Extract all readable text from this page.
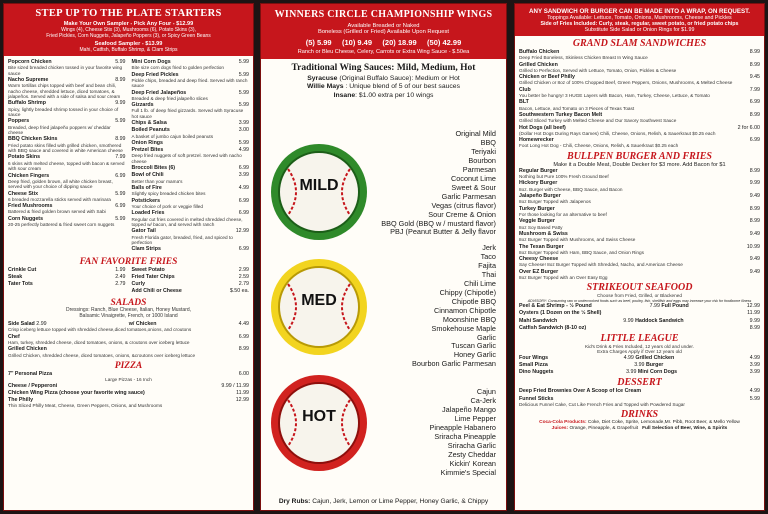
STEP UP TO THE PLATE STARTERS
Make Your Own Sampler - Pick Any Four - $12.99
Wings (4), Cheese Stix (3), Mushrooms (6), Potato Skins (3),
Fried Pickles, Corn Nuggets, Jalapeño Poppers (3), or Spicy Green Beans
Seafood Sampler - $13.99
Mahi, Catfish, Buffalo Shrimp, & Clam Strips
Popcorn Chicken	5.99
Bite sized breaded chicken tossed in your favorite wing sauce
Nacho Supreme	8.99
Warm tortillas chips topped with beef and bean chili, nacho cheese, shredded lettuce, diced tomatoes, & jalapeños. Served with a side of salsa and sour cream
Buffalo Shrimp	9.99
Spicy, lightly breaded shrimp tossed in your choice of sauce
Poppers	5.99
Breaded, deep fried jalapeño poppers w/ cheddar cheese
BBQ Chicken Skins	8.99
Fried potato skins filled with grilled chicken, smothered with BBQ sauce and covered in white American cheese
Potato Skins	7.99
6 skins with melted cheese, topped with bacon & served with sour cream
Chicken Fingers	6.99
Deep fried, golden brown, all white chicken breast, served with your choice of dipping sauce
Cheese Stix	5.99
6 breaded mozzarella sticks served with marinara
Fried Mushrooms	6.99
Battered & fried golden brown served with Sabi
Corn Nuggets	5.99
20-25 perfectly battered & fried sweet corn nuggets
Mini Corn Dogs	5.99
Bite size corn dogs fried to golden perfection
Deep Fried Pickles	5.99
Pickle chips, breaded and deep fried. Served with ranch sauce
Deep Fried Jalapeños	5.99
Breaded & deep fried jalapeño slices
Gizzards	5.99
Full 1 lb. of deep fried gizzards. Served with Syracuse hot sauce
Chips & Salsa	3.99
Boiled Peanuts	3.00
A basket of jumbo cajun boiled peanuts
Onion Rings	5.99
Pretzel Bites	4.99
Deep fried nuggets of soft pretzel. Served with nacho cheese
Broccoli Bites (6)	6.99
Bowl of Chili	3.99
Better than your mama's
Balls of Fire	4.99
Slightly spicy breaded chicken bites
Potstickers	6.99
Your choice of pork or veggie filled
Loaded Fries	6.99
Regular cut fries covered in melted shredded cheese, topped w/ bacon, and served with ranch
Gator Tail	12.99
Fresh Florida gator, breaded, fried, and spiced to perfection
Clam Strips	6.99
FAN FAVORITE FRIES
Crinkle Cut	1.99
Steak	2.49
Tater Tots	2.79
Sweet Potato	2.99
Fried Tater Chips	2.59
Curly	2.79
Add Chili or Cheese	$.50 ea.
SALADS
Dressings: Ranch, Blue Cheese, Italian, Honey Mustard,
Balsamic Vinaigrette, French, or 1000 Island
Side Salad 2.99	w/ Chicken	4.49
Crisp iceberg lettuce topped with shredded cheese,diced tomatoes,onions, and croutons
Chef	6.99
Ham, turkey, shredded cheese, diced tomatoes, onions, & croutons over iceberg lettuce
Grilled Chicken	8.99
Grilled Chicken, shredded cheese, diced tomatoes, onions, &croutons over iceberg lettuce
PIZZA
7" Personal Pizza	6.00
Large Pizzas - 16 Inch
Cheese / Pepperoni	9.99 / 11.99
Chicken Wing Pizza (choose your favorite wing sauce)	11.99
The Philly	12.99
Thin Sliced Philly Meat, Cheese, Green Peppers, Onions, and Mushrooms
WINNERS CIRCLE CHAMPIONSHIP WINGS
Available Breaded or Naked
Boneless (Grilled or Fried) Available Upon Request
(5) 5.99     (10) 9.49     (20) 18.99     (50) 42.99
Ranch or Bleu Cheese, Celery, Carrots or Extra Wing Sauce - $.50ea
Traditional Wing Sauces: Mild, Medium, Hot
Syracuse (Original Buffalo Sauce): Medium or Hot
Willie Mays : Unique blend of 5 of our best sauces
Insane: $1.00 extra per 10 wings
MILD
MED
HOT
Original Mild
BBQ
Teriyaki
Bourbon
Parmesan
Coconut Lime
Sweet & Sour
Garlic Parmesan
Vegas (citrus flavor)
Sour Creme & Onion
BBQ Gold (BBQ w / mustard flavor)
PBJ (Peanut Butter & Jelly flavor
Jerk
Taco
Fajita
Thai
Chili Lime
Chippy (Chipotle)
Chipotle BBQ
Cinnamon Chipotle
Moonshine BBQ
Smokehouse Maple
Garlic
Tuscan Garlic
Honey Garlic
Bourbon Garlic Parmesan
Cajun
Ca-Jerk
Jalapeño Mango
Lime Pepper
Pineapple Habanero
Sriracha Pineapple
Sriracha Garlic
Zesty Cheddar
Kickin' Korean
Kimmie's Special
Dry Rubs: Cajun, Jerk, Lemon or Lime Pepper, Honey Garlic, & Chippy
ANY SANDWICH OR BURGER CAN BE MADE INTO A WRAP, ON REQUEST.
Toppings Available: Lettuce, Tomato, Onions, Mushrooms, Cheese and Pickles
Side of Fries Included: Curly, steak, regular, sweet potato, or fried potato chips
Substitute Side Salad or Onion Rings for $1.99
GRAND SLAM SANDWICHES
Buffalo Chicken	8.99
Deep Fried Boneless, Skinless Chicken Breast In Wing Sauce
Grilled Chicken	8.99
Grilled to Perfection, Served with Lettuce, Tomato, Onion, Pickles & Cheese
Chicken or Beef Philly	9.45
Grilled Chicken or 8oz of 100% Chopped Beef, Green Peppers, Onions, Mushrooms, & Melted Cheese
Club	7.99
You better be hungry! 3 HUGE Layers with Bacon, Ham, Turkey, Cheese, Lettuce, & Tomato
BLT	6.99
Bacon, Lettuce, and Tomato on 3 Pieces of Texas Toast
Southwestern Turkey Bacon Melt	8.99
Grilled Sliced Turkey with Melted Cheese and Our Savory Southwest Sauce
Hot Dogs (all beef)	2 for 6.00
(Dollar Hot Dogs During Rays Games) Chili, Cheese, Onions, Relish, & Sauerkraut $0.25 each
Homewrecker	6.99
Foot Long Hot Dog - Chili, Cheese, Onions, Relish, & Sauerkraut $0.25 each
BULLPEN BURGER AND FRIES
Make it a Double Meat, Double Decker for $3 more. Add Bacon for $1
Regular Burger	8.99
Nothing but Pure 100% Fresh Ground Beef
Hickory Burger	9.99
8oz. Burger with Cheese, BBQ Sauce, and Bacon
Jalapeño Burger	9.49
8oz Burger Topped with Jalapenos
Turkey Burger	8.99
For those looking for an alternative to beef
Veggie Burger	8.99
8oz Soy Based Patty
Mushroom & Swiss	9.49
8oz Burger Topped with Mushrooms, and Swiss Cheese
The Texan Burger	10.99
8oz Burger Topped with Ham, BBQ Sauce, and Onion Rings
Cheesy Cheese	9.49
Say Cheese! 8oz Burger Topped with Shredded, Nacho, and American Cheese
Over EZ Burger	9.49
8oz Burger Topped with an Over Easy Egg
STRIKEOUT SEAFOOD
Choose from Fried, Grilled, or Blackened
ADVISORY: Consuming raw or undercooked foods such as beef, poultry, fish, shellfish and eggs may increase your risk for foodborne illness
Peel & Eat Shrimp - ½ Pound	7.99 Full Pound	12.99
Oysters (1 Dozen on the ½ Shell)	11.99
Mahi Sandwich	9.99 Haddock Sandwich	9.99
Catfish Sandwich (8-10 oz)	8.99
LITTLE LEAGUE
Kid's Drink & Fries Included, 12 years old and under.
Extra Charges Apply if Over 12 years old
Four Wings	4.99 Grilled Chicken	4.99
Small Pizza	3.99 Burger	3.99
Dino Nuggets	3.99 Mini Corn Dogs	3.99
DESSERT
Deep Fried Brownies Over A Scoop of Ice Cream	4.99
Funnel Sticks	5.99
Delicious Funnel Cake, Cut Like French Fries and Topped with Powdered Sugar
DRINKS
Coca-Cola Products: Coke, Diet Coke, Sprite, Lemonade,Mr. Pibb, Root Beer, & Mello Yellow
Juices: Orange, Pineapple, & Grapefruit Full Selection of Beer, Wine, & Spirits
